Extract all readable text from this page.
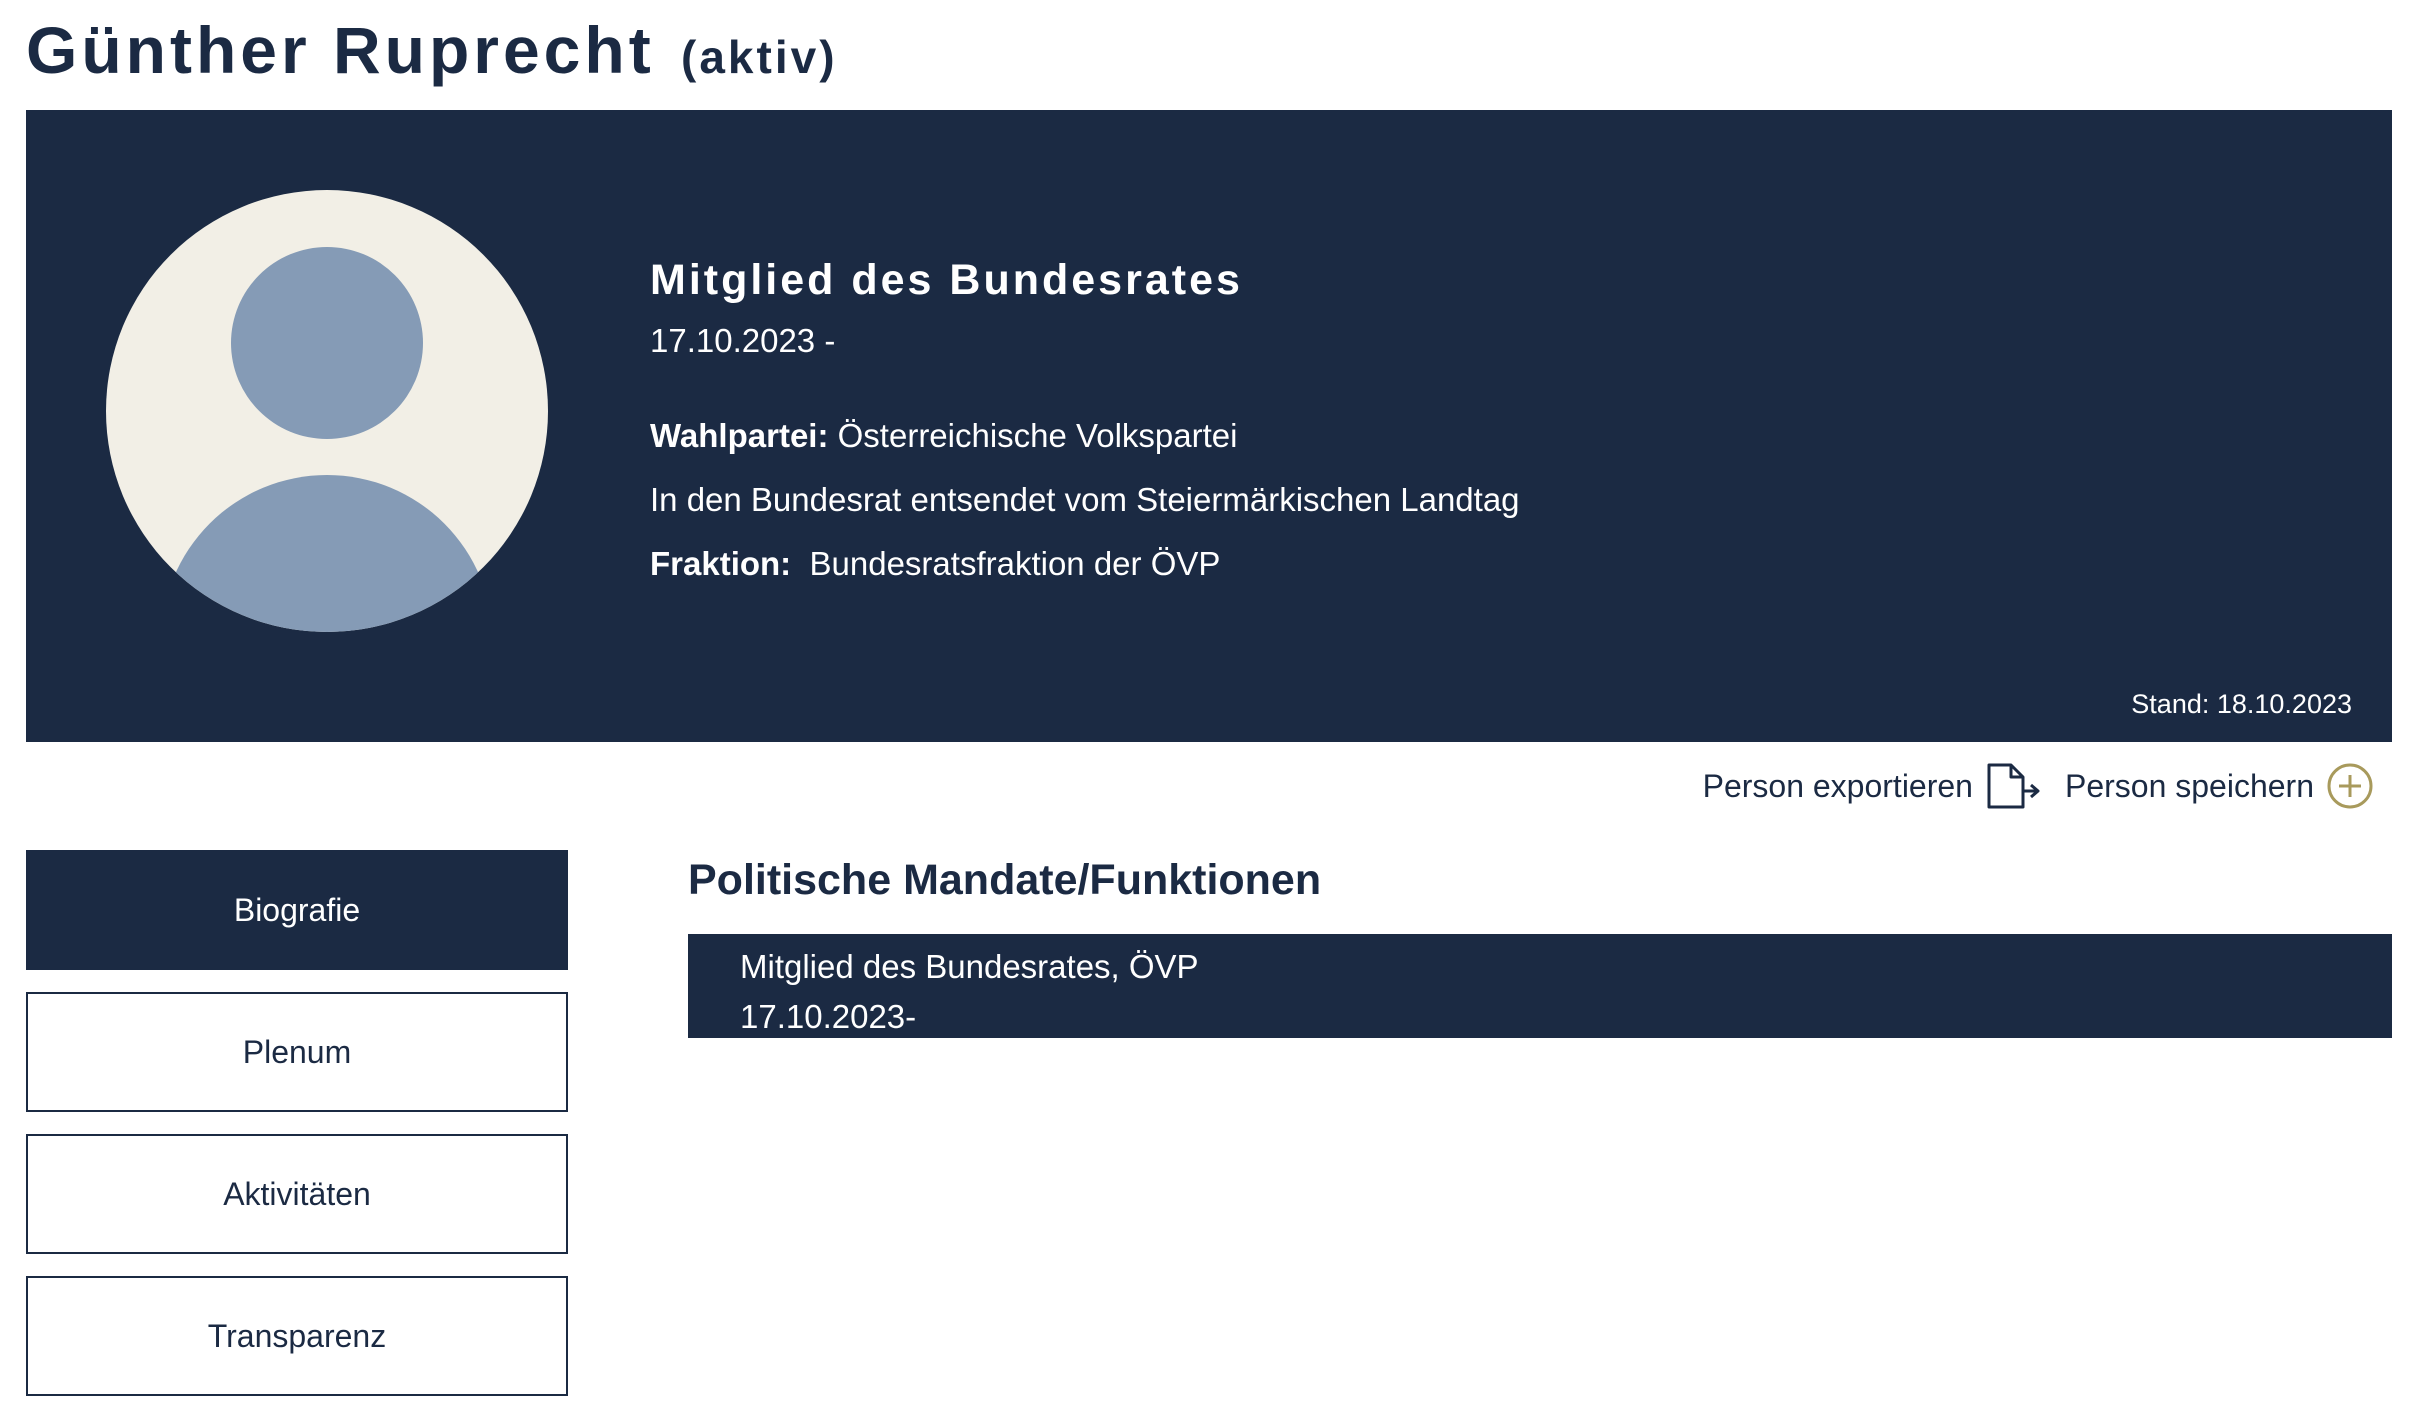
Günther Ruprecht (aktiv)
Mitglied des Bundesrates
17.10.2023 -
Wahlpartei: Österreichische Volkspartei
In den Bundesrat entsendet vom Steiermärkischen Landtag
Fraktion:  Bundesratsfraktion der ÖVP
Stand: 18.10.2023
Person exportieren	Person speichern
Biografie
Plenum
Aktivitäten
Transparenz
Politische Mandate/Funktionen
Mitglied des Bundesrates, ÖVP
17.10.2023-
